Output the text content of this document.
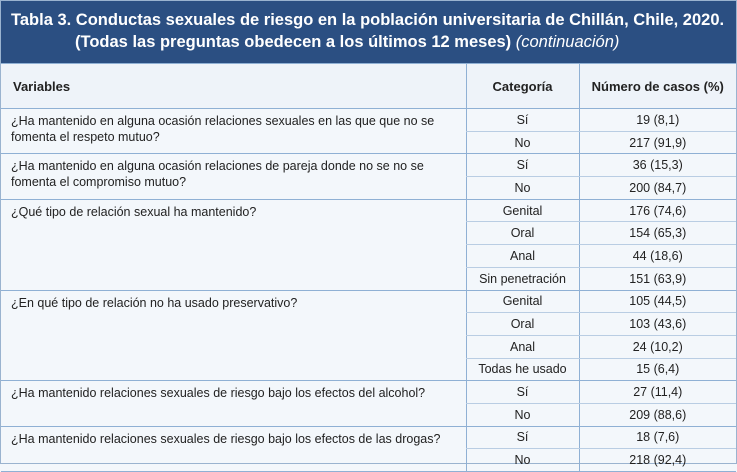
Tabla 3. Conductas sexuales de riesgo en la población universitaria de Chillán, Chile, 2020.
(Todas las preguntas obedecen a los últimos 12 meses) (continuación)
Variables	Categoría	Número de casos (%)
¿Ha mantenido en alguna ocasión relaciones sexuales en las que que no se fomenta el respeto mutuo?	Sí	19 (8,1)
	No	217 (91,9)
¿Ha mantenido en alguna ocasión relaciones de pareja donde no se no se fomenta el compromiso mutuo?	Sí	36 (15,3)
	No	200 (84,7)
¿Qué tipo de relación sexual ha mantenido?	Genital	176 (74,6)
	Oral	154 (65,3)
	Anal	44 (18,6)
	Sin penetración	151 (63,9)
¿En qué tipo de relación no ha usado preservativo?	Genital	105 (44,5)
	Oral	103 (43,6)
	Anal	24 (10,2)
	Todas he usado	15 (6,4)
¿Ha mantenido relaciones sexuales de riesgo bajo los efectos del alcohol?	Sí	27 (11,4)
	No	209 (88,6)
¿Ha mantenido relaciones sexuales de riesgo bajo los efectos de las drogas?	Sí	18 (7,6)
	No	218 (92,4)
